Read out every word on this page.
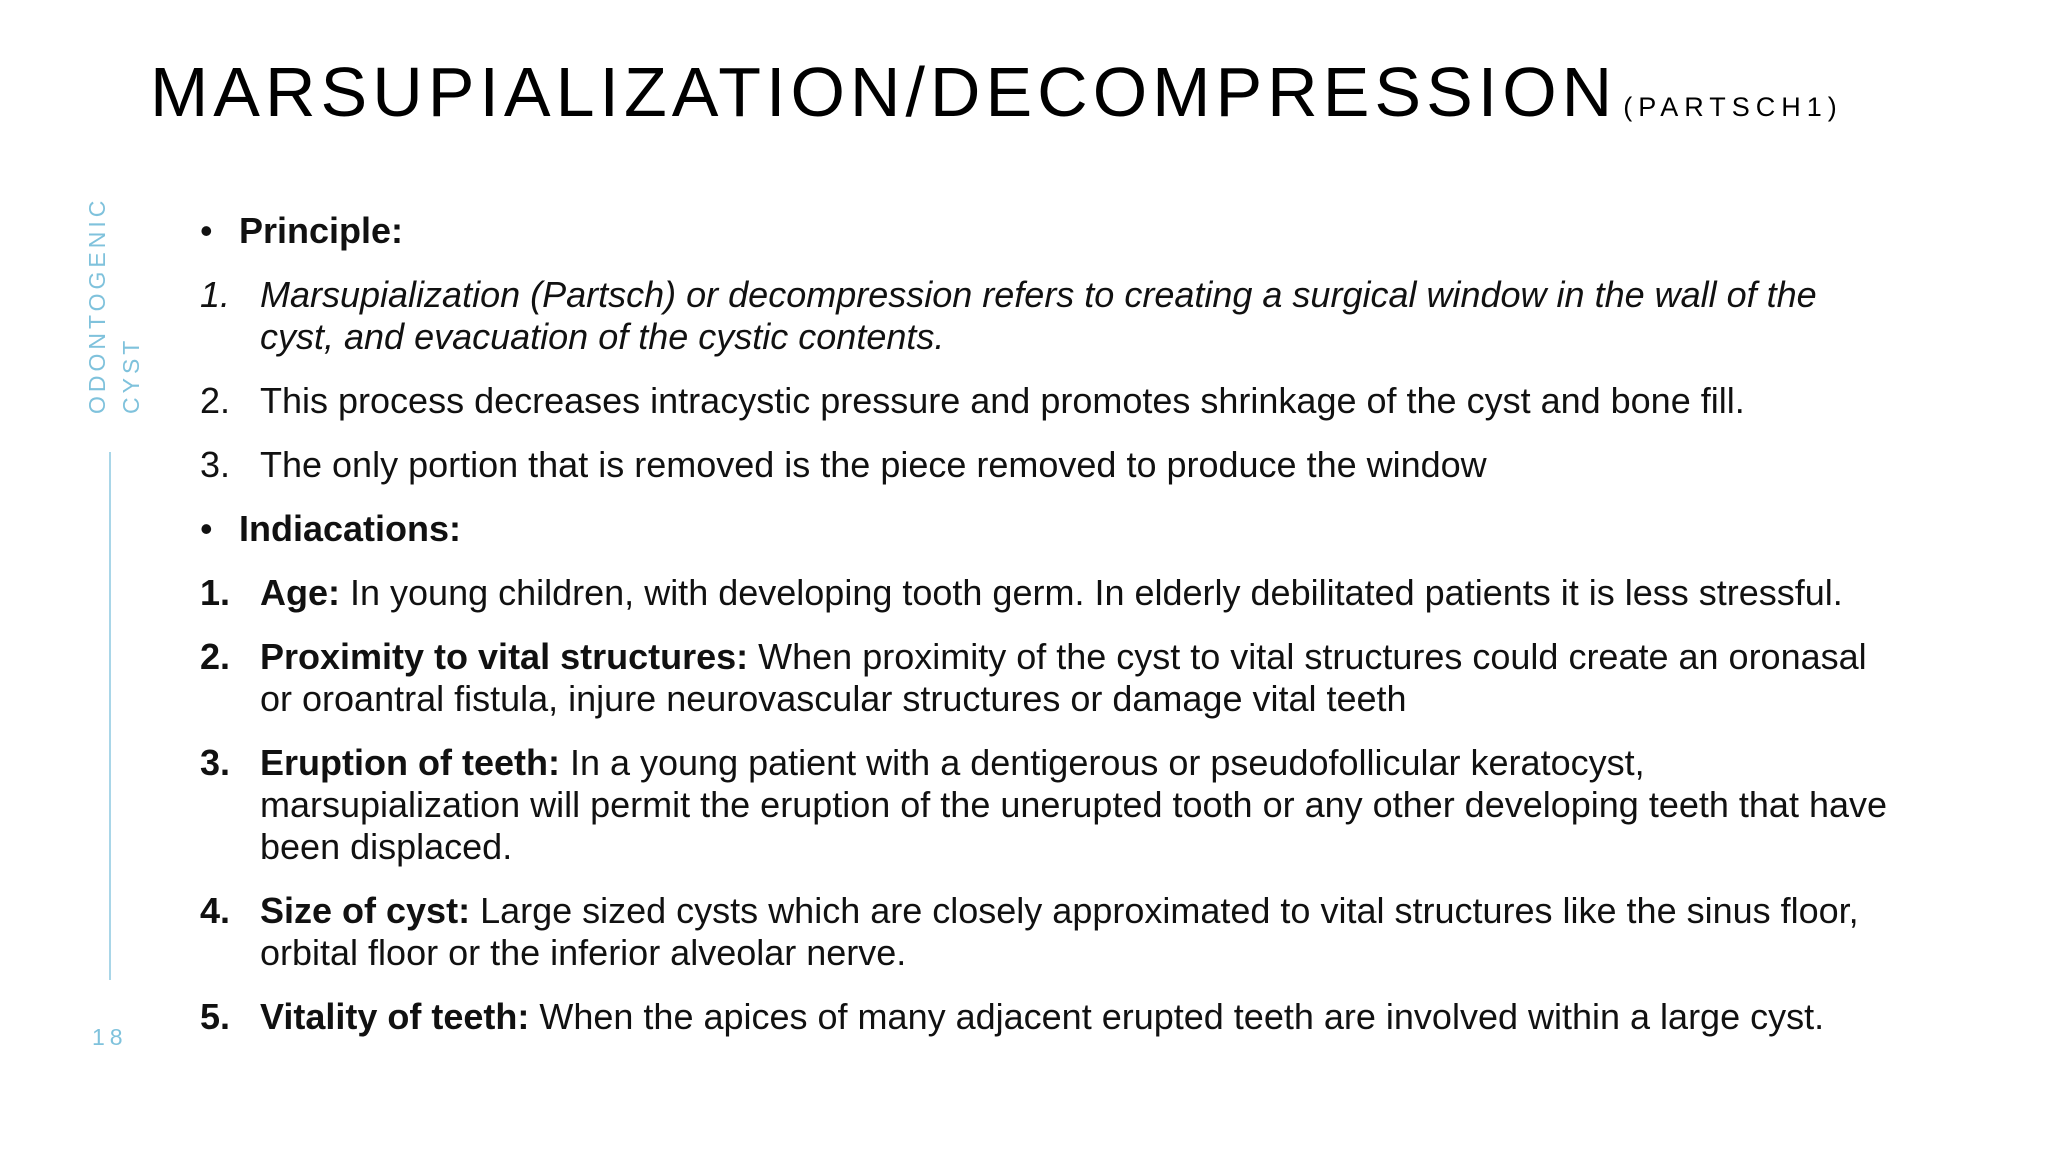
MARSUPIALIZATION/DECOMPRESSION (PARTSCH1)
ODONTOGENIC CYST
18
• Principle:
1. Marsupialization (Partsch) or decompression refers to creating a surgical window in the wall of the cyst, and evacuation of the cystic contents.
2. This process decreases intracystic pressure and promotes shrinkage of the cyst and bone fill.
3. The only portion that is removed is the piece removed to produce the window
• Indiacations:
1. Age: In young children, with developing tooth germ. In elderly debilitated patients it is less stressful.
2. Proximity to vital structures: When proximity of the cyst to vital structures could create an oronasal or oroantral fistula, injure neurovascular structures or damage vital teeth
3. Eruption of teeth: In a young patient with a dentigerous or pseudofollicular keratocyst, marsupialization will permit the eruption of the unerupted tooth or any other developing teeth that have been displaced.
4. Size of cyst: Large sized cysts which are closely approximated to vital structures like the sinus floor, orbital floor or the inferior alveolar nerve.
5. Vitality of teeth: When the apices of many adjacent erupted teeth are involved within a large cyst.
